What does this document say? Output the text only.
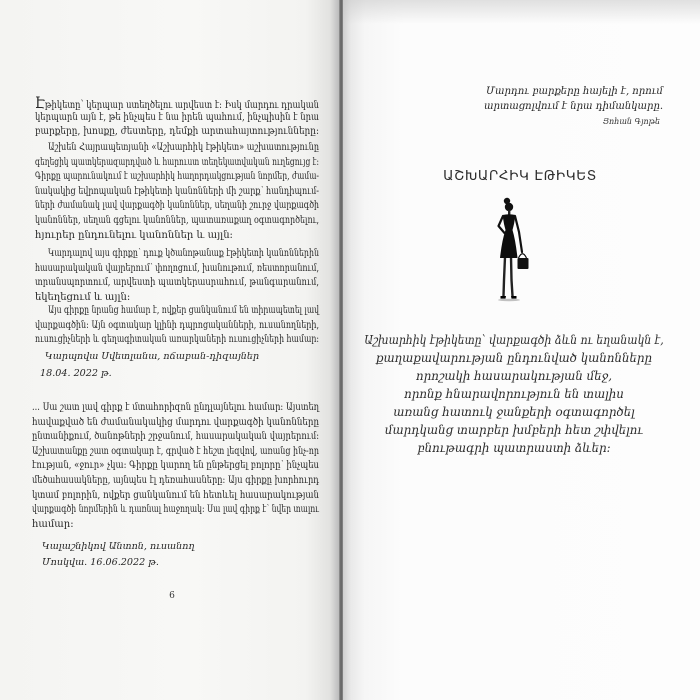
Էթիկետը՝ կերպար ստեղծելու արվեստ է: Իսկ մարդու դրական
կերպարն այն է, թե ինչպես է նա իրեն պահում, ինչպիսին է նրա
բարքերը, խոսքը, ժեստերը, դեմքի արտահայտությունները:
Աշխեն Հայրապետյանի «Աշխարհիկ էթիկետ» աշխատությունը
գեղեցիկ պատկերազարդված և հարուստ տեղեկատվական ուղեցույց է:
Գիրքը պարունակում է աշխարհիկ հաղորդակցության նորմեր, ժամա-
նակակից եվրոպական էթիկետի կանոնների մի շարք՝ հանդիպում-
ների ժամանակ լավ վարքագծի կանոններ, սեղանի շուրջ վարքագծի
կանոններ, սեղան գցելու կանոններ, պատառաքաղ օգտագործելու,
հյուրեր ընդունելու կանոններ և այլն:
Կարդալով այս գիրքը՝ դուք կծանոթանաք էթիկետի կանոններին
հասարակական վայրերում՝ փողոցում, խանութում, ռեստորանում,
տրանսպորտում, արվեստի պատկերասրահում, թանգարանում,
եկեղեցում և այլն:
Այս գիրքը նրանց համար է, ովքեր ցանկանում են տիրապետել լավ
վարքագծին: Այն օգտակար կլինի դպրոցականների, ուսանողների,
ուսուցիչների և գեղագիտական առարկաների ուսուցիչների համար:
Կարպովա Սվետլանա, ոճաբան-դիզայներ
18.04. 2022 թ.
... Սա շատ լավ գիրք է մտահորիզոն ընդլայնելու համար: Այստեղ
հավաքված են ժամանակակից մարդու վարքագծի կանոնները
ընտանիքում, ծանոթների շրջանում, հասարակական վայրերում:
Աշխատանքը շատ օգտակար է, գրված է հեշտ լեզվով, առանց ինչ-որ
էության, «ջուր» չկա: Գիրքը կարող են ընթերցել բոլորը՝ ինչպես
մեծահասակները, այնպես էլ դեռահասները: Այս գիրքը խորհուրդ
կտամ բոլորին, ովքեր ցանկանում են հետևել հասարակության
վարքագծի նորմերին և դառնալ հաջողակ: Սա լավ գիրք է՝ նվեր տալու
համար:
Կալաշնիկով Անտոն, ուսանող
Մոսկվա. 16.06.2022 թ.
6
Մարդու բարքերը հայելի է, որում
արտացոլվում է նրա դիմանկարը.
Յոհան Գյոթե
ԱՇԽԱՐՀԻԿ ԷԹԻԿԵՏ
Աշխարհիկ էթիկետը՝ վարքագծի ձևն ու եղանակն է,
քաղաքավարության ընդունված կանոնները
որոշակի հասարակության մեջ,
որոնք հնարավորություն են տալիս
առանց հատուկ ջանքերի օգտագործել
մարդկանց տարբեր խմբերի հետ շփվելու
բնութագրի պատրաստի ձևեր:
